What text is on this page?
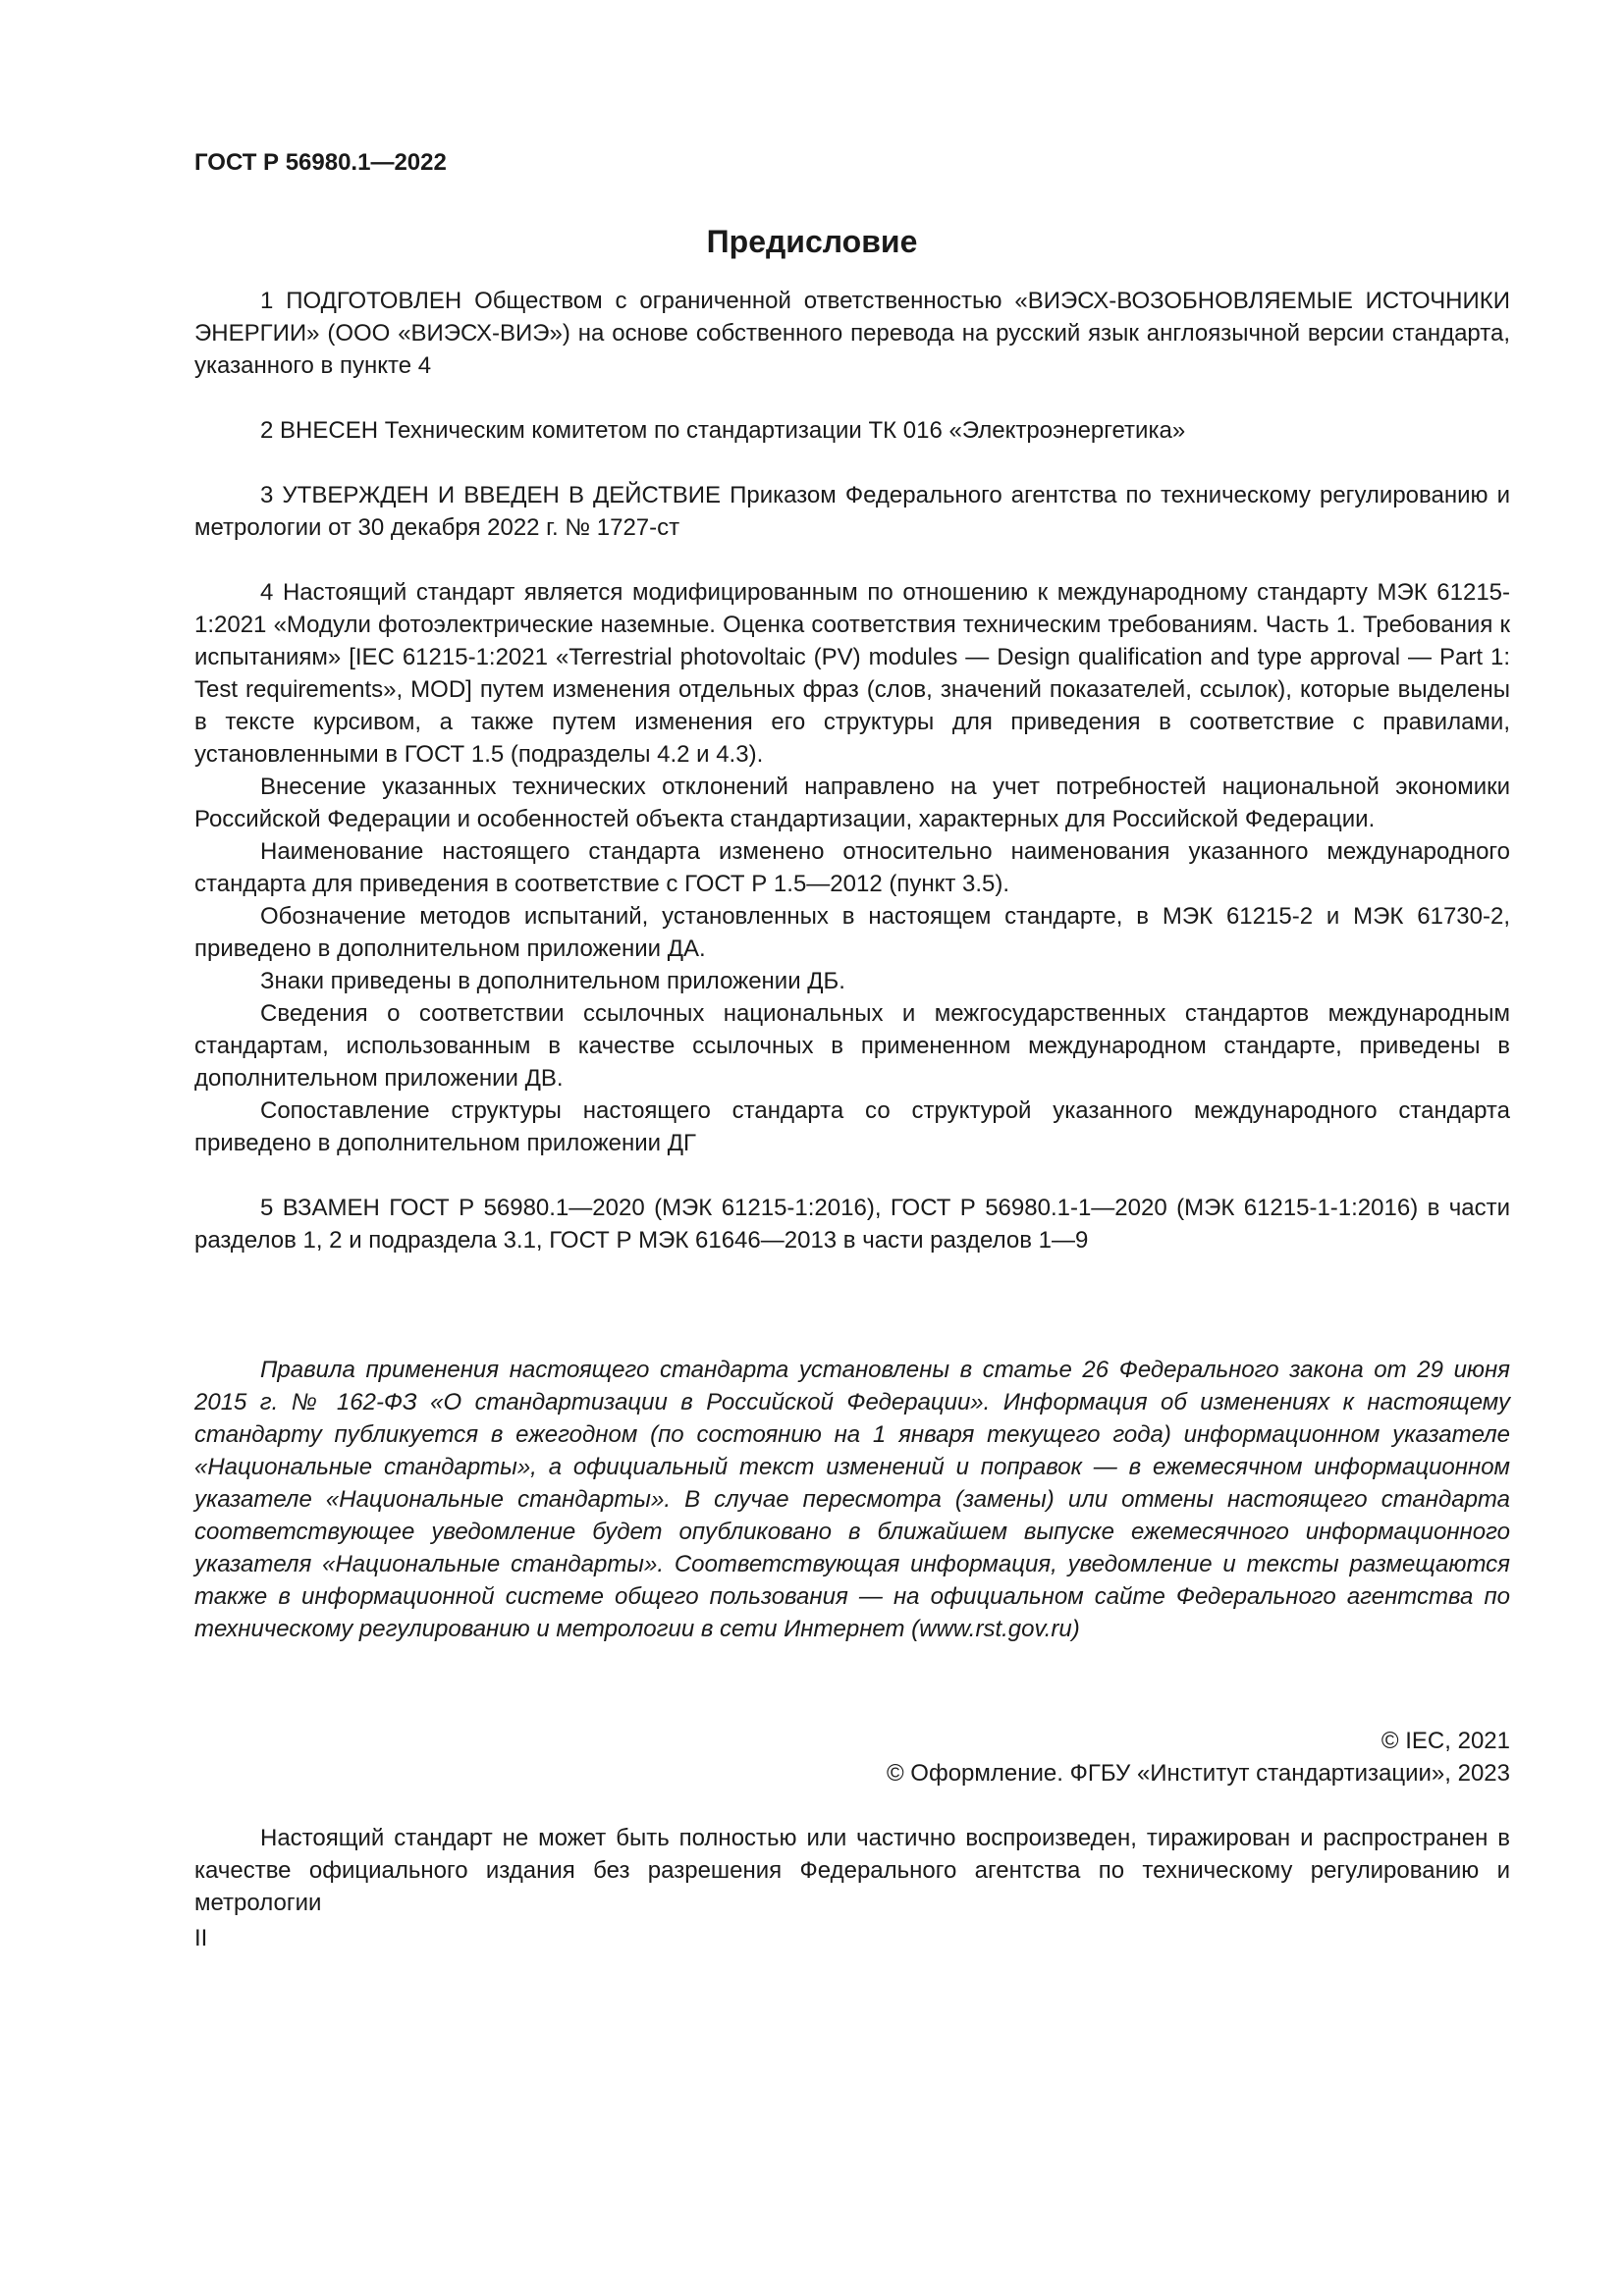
ГОСТ Р 56980.1—2022
Предисловие

1 ПОДГОТОВЛЕН Обществом с ограниченной ответственностью «ВИЭСХ-ВОЗОБНОВЛЯЕМЫЕ ИСТОЧНИКИ ЭНЕРГИИ» (ООО «ВИЭСХ-ВИЭ») на основе собственного перевода на русский язык англоязычной версии стандарта, указанного в пункте 4

2 ВНЕСЕН Техническим комитетом по стандартизации ТК 016 «Электроэнергетика»

3 УТВЕРЖДЕН И ВВЕДЕН В ДЕЙСТВИЕ Приказом Федерального агентства по техническому регулированию и метрологии от 30 декабря 2022 г. № 1727-ст

4 Настоящий стандарт является модифицированным по отношению к международному стандарту МЭК 61215-1:2021 «Модули фотоэлектрические наземные. Оценка соответствия техническим требованиям. Часть 1. Требования к испытаниям» [IEC 61215-1:2021 «Terrestrial photovoltaic (PV) modules — Design qualification and type approval — Part 1: Test requirements», MOD] путем изменения отдельных фраз (слов, значений показателей, ссылок), которые выделены в тексте курсивом, а также путем изменения его структуры для приведения в соответствие с правилами, установленными в ГОСТ 1.5 (подразделы 4.2 и 4.3).

Внесение указанных технических отклонений направлено на учет потребностей национальной экономики Российской Федерации и особенностей объекта стандартизации, характерных для Российской Федерации.

Наименование настоящего стандарта изменено относительно наименования указанного международного стандарта для приведения в соответствие с ГОСТ Р 1.5—2012 (пункт 3.5).

Обозначение методов испытаний, установленных в настоящем стандарте, в МЭК 61215-2 и МЭК 61730-2, приведено в дополнительном приложении ДА.

Знаки приведены в дополнительном приложении ДБ.

Сведения о соответствии ссылочных национальных и межгосударственных стандартов международным стандартам, использованным в качестве ссылочных в примененном международном стандарте, приведены в дополнительном приложении ДВ.

Сопоставление структуры настоящего стандарта со структурой указанного международного стандарта приведено в дополнительном приложении ДГ

5 ВЗАМЕН ГОСТ Р 56980.1—2020 (МЭК 61215-1:2016), ГОСТ Р 56980.1-1—2020 (МЭК 61215-1-1:2016) в части разделов 1, 2 и подраздела 3.1, ГОСТ Р МЭК 61646—2013 в части разделов 1—9

Правила применения настоящего стандарта установлены в статье 26 Федерального закона от 29 июня 2015 г. № 162-ФЗ «О стандартизации в Российской Федерации». Информация об изменениях к настоящему стандарту публикуется в ежегодном (по состоянию на 1 января текущего года) информационном указателе «Национальные стандарты», а официальный текст изменений и поправок — в ежемесячном информационном указателе «Национальные стандарты». В случае пересмотра (замены) или отмены настоящего стандарта соответствующее уведомление будет опубликовано в ближайшем выпуске ежемесячного информационного указателя «Национальные стандарты». Соответствующая информация, уведомление и тексты размещаются также в информационной системе общего пользования — на официальном сайте Федерального агентства по техническому регулированию и метрологии в сети Интернет (www.rst.gov.ru)

© IEC, 2021
© Оформление. ФГБУ «Институт стандартизации», 2023

Настоящий стандарт не может быть полностью или частично воспроизведен, тиражирован и распространен в качестве официального издания без разрешения Федерального агентства по техническому регулированию и метрологии

II
